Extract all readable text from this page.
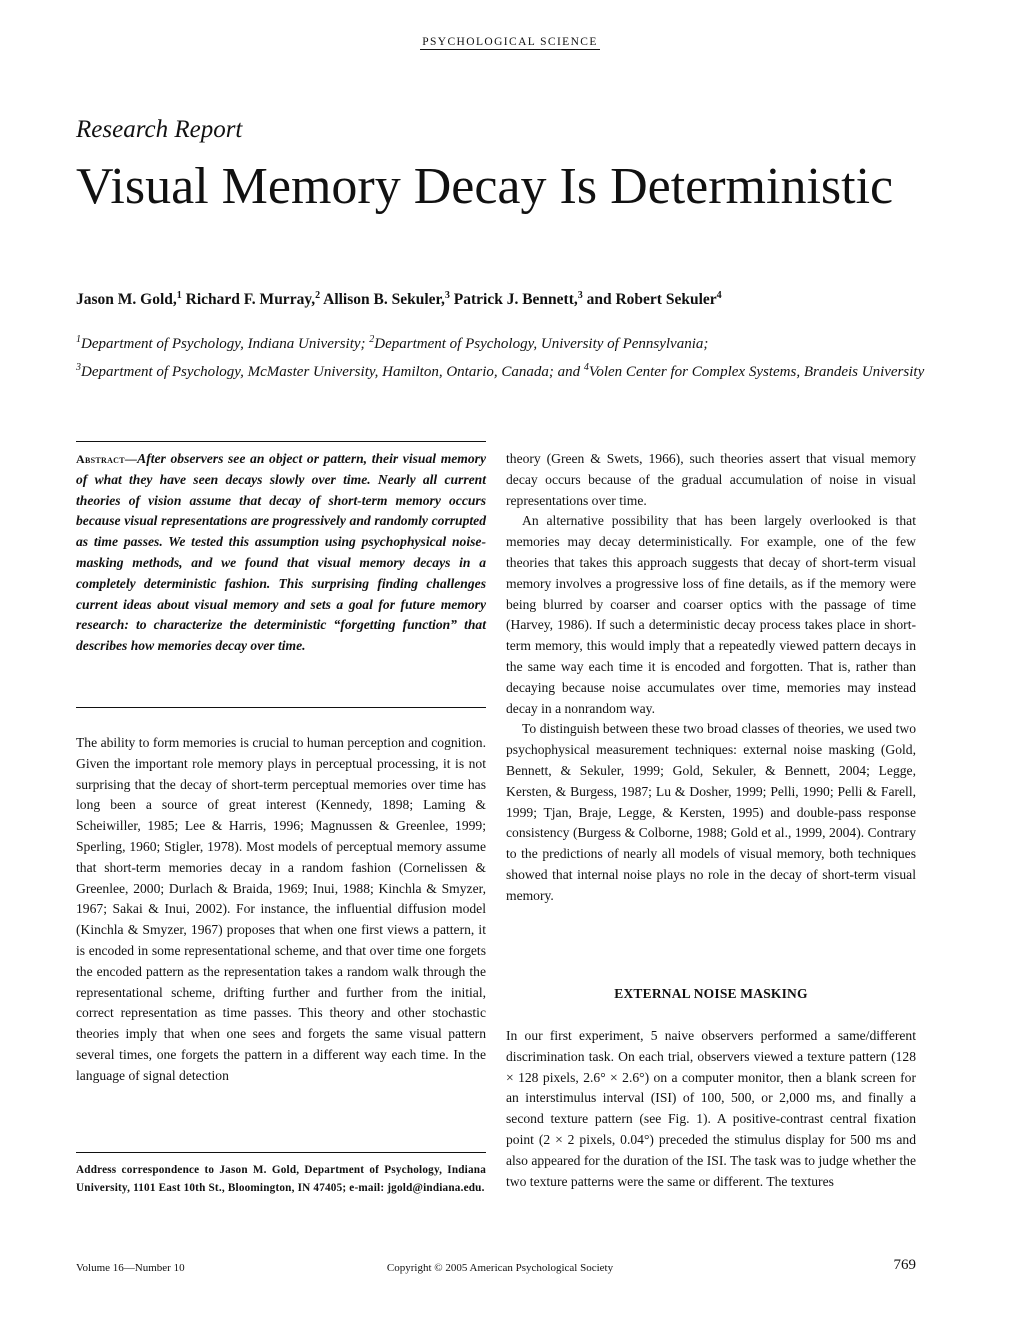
PSYCHOLOGICAL SCIENCE
Research Report
Visual Memory Decay Is Deterministic
Jason M. Gold,$^1$ Richard F. Murray,$^2$ Allison B. Sekuler,$^3$ Patrick J. Bennett,$^3$ and Robert Sekuler$^4$
$^1$Department of Psychology, Indiana University; $^2$Department of Psychology, University of Pennsylvania;
$^3$Department of Psychology, McMaster University, Hamilton, Ontario, Canada; and $^4$Volen Center for Complex Systems, Brandeis University

Abstract—After observers see an object or pattern, their visual memory of what they have seen decays slowly over time. Nearly all current theories of vision assume that decay of short-term memory occurs because visual representations are progressively and randomly corrupted as time passes. We tested this assumption using psychophysical noise-masking methods, and we found that visual memory decays in a completely deterministic fashion. This surprising finding challenges current ideas about visual memory and sets a goal for future memory research: to characterize the deterministic “forgetting function” that describes how memories decay over time.

The ability to form memories is crucial to human perception and cognition. Given the important role memory plays in perceptual processing, it is not surprising that the decay of short-term perceptual memories over time has long been a source of great interest (Kennedy, 1898; Laming & Scheiwiller, 1985; Lee & Harris, 1996; Magnussen & Greenlee, 1999; Sperling, 1960; Stigler, 1978). Most models of perceptual memory assume that short-term memories decay in a random fashion (Cornelissen & Greenlee, 2000; Durlach & Braida, 1969; Inui, 1988; Kinchla & Smyzer, 1967; Sakai & Inui, 2002). For instance, the influential diffusion model (Kinchla & Smyzer, 1967) proposes that when one first views a pattern, it is encoded in some representational scheme, and that over time one forgets the encoded pattern as the representation takes a random walk through the representational scheme, drifting further and further from the initial, correct representation as time passes. This theory and other stochastic theories imply that when one sees and forgets the same visual pattern several times, one forgets the pattern in a different way each time. In the language of signal detection

Address correspondence to Jason M. Gold, Department of Psychology, Indiana University, 1101 East 10th St., Bloomington, IN 47405; e-mail: jgold@indiana.edu.

theory (Green & Swets, 1966), such theories assert that visual memory decay occurs because of the gradual accumulation of noise in visual representations over time.

An alternative possibility that has been largely overlooked is that memories may decay deterministically. For example, one of the few theories that takes this approach suggests that decay of short-term visual memory involves a progressive loss of fine details, as if the memory were being blurred by coarser and coarser optics with the passage of time (Harvey, 1986). If such a deterministic decay process takes place in short-term memory, this would imply that a repeatedly viewed pattern decays in the same way each time it is encoded and forgotten. That is, rather than decaying because noise accumulates over time, memories may instead decay in a nonrandom way.

To distinguish between these two broad classes of theories, we used two psychophysical measurement techniques: external noise masking (Gold, Bennett, & Sekuler, 1999; Gold, Sekuler, & Bennett, 2004; Legge, Kersten, & Burgess, 1987; Lu & Dosher, 1999; Pelli, 1990; Pelli & Farell, 1999; Tjan, Braje, Legge, & Kersten, 1995) and double-pass response consistency (Burgess & Colborne, 1988; Gold et al., 1999, 2004). Contrary to the predictions of nearly all models of visual memory, both techniques showed that internal noise plays no role in the decay of short-term visual memory.

EXTERNAL NOISE MASKING

In our first experiment, 5 naive observers performed a same/different discrimination task. On each trial, observers viewed a texture pattern (128 × 128 pixels, 2.6° × 2.6°) on a computer monitor, then a blank screen for an interstimulus interval (ISI) of 100, 500, or 2,000 ms, and finally a second texture pattern (see Fig. 1). A positive-contrast central fixation point (2 × 2 pixels, 0.04°) preceded the stimulus display for 500 ms and also appeared for the duration of the ISI. The task was to judge whether the two texture patterns were the same or different. The textures

Volume 16—Number 10	Copyright © 2005 American Psychological Society	769
